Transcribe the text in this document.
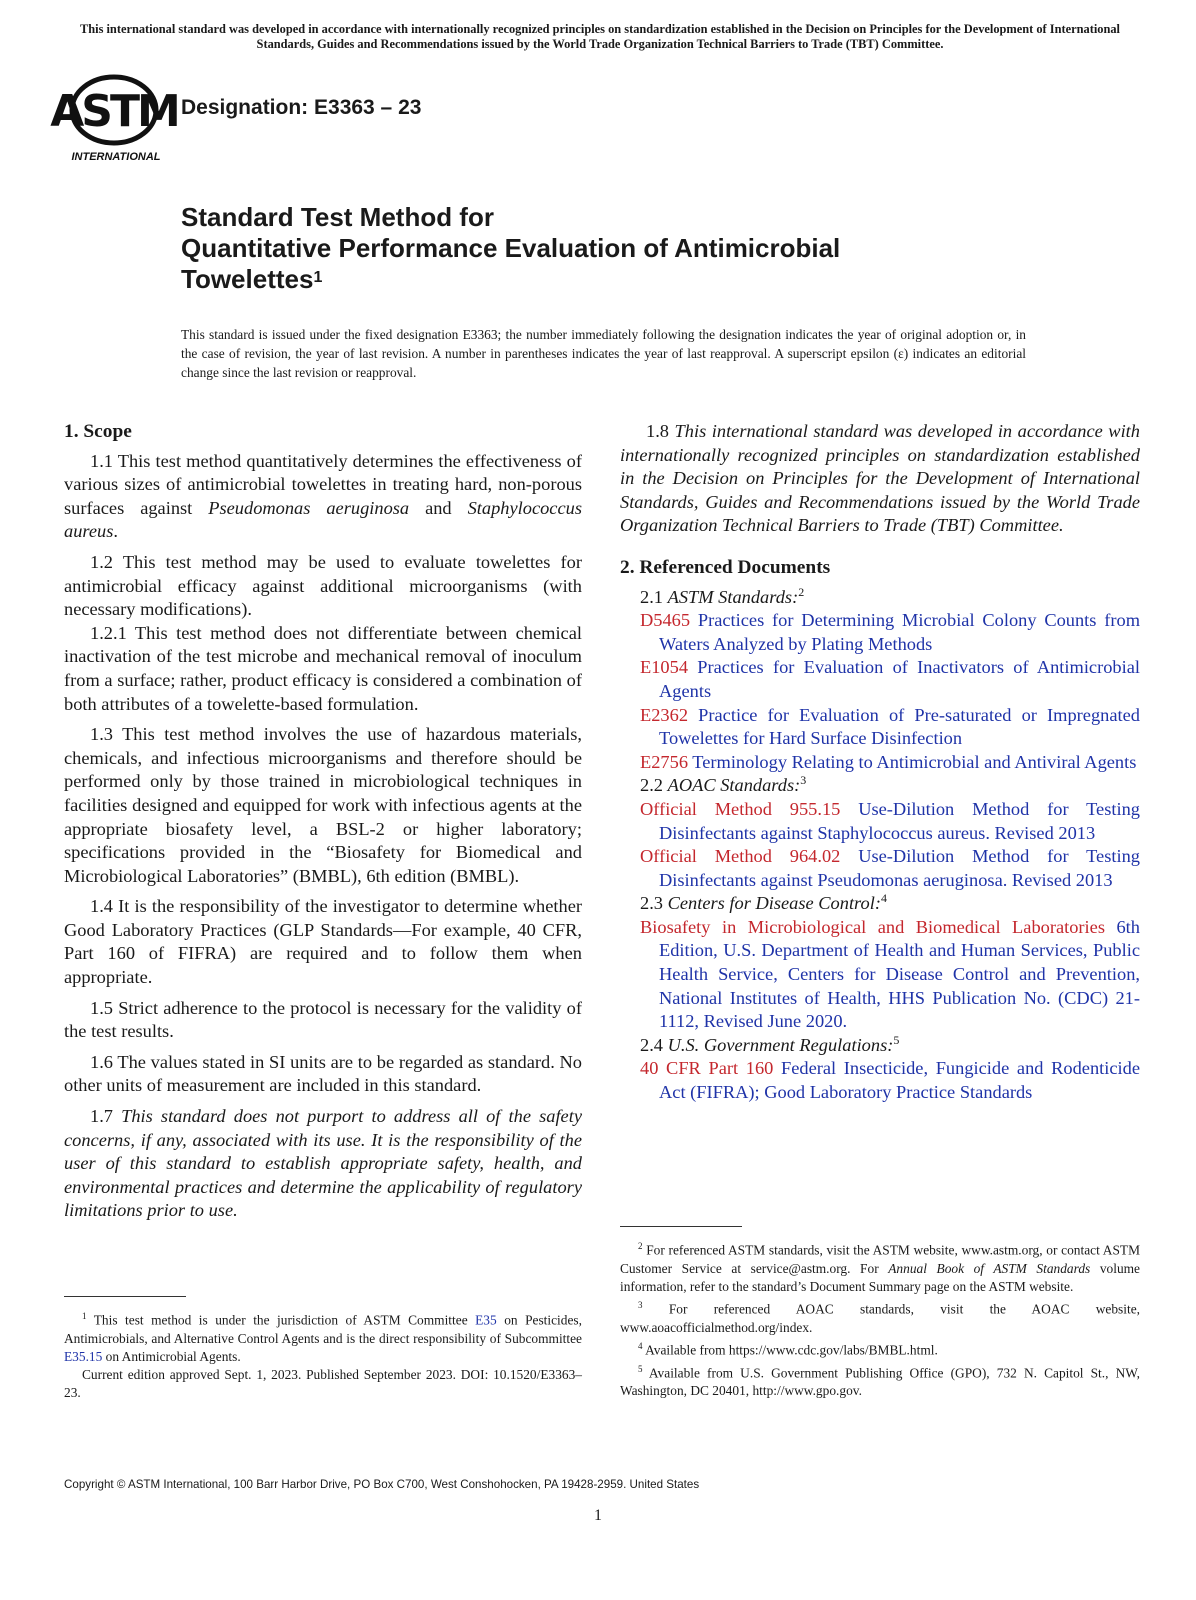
This international standard was developed in accordance with internationally recognized principles on standardization established in the Decision on Principles for the Development of International Standards, Guides and Recommendations issued by the World Trade Organization Technical Barriers to Trade (TBT) Committee.
ASTM
INTERNATIONAL
Designation: E3363 – 23
Standard Test Method for
Quantitative Performance Evaluation of Antimicrobial
Towelettes$^1$
This standard is issued under the fixed designation E3363; the number immediately following the designation indicates the year of original adoption or, in the case of revision, the year of last revision. A number in parentheses indicates the year of last reapproval. A superscript epsilon (ε) indicates an editorial change since the last revision or reapproval.
1. Scope

1.1 This test method quantitatively determines the effectiveness of various sizes of antimicrobial towelettes in treating hard, non-porous surfaces against Pseudomonas aeruginosa and Staphylococcus aureus.

1.2 This test method may be used to evaluate towelettes for antimicrobial efficacy against additional microorganisms (with necessary modifications).

1.2.1 This test method does not differentiate between chemical inactivation of the test microbe and mechanical removal of inoculum from a surface; rather, product efficacy is considered a combination of both attributes of a towelette-based formulation.

1.3 This test method involves the use of hazardous materials, chemicals, and infectious microorganisms and therefore should be performed only by those trained in microbiological techniques in facilities designed and equipped for work with infectious agents at the appropriate biosafety level, a BSL-2 or higher laboratory; specifications provided in the “Biosafety for Biomedical and Microbiological Laboratories” (BMBL), 6th edition (BMBL).

1.4 It is the responsibility of the investigator to determine whether Good Laboratory Practices (GLP Standards—For example, 40 CFR, Part 160 of FIFRA) are required and to follow them when appropriate.

1.5 Strict adherence to the protocol is necessary for the validity of the test results.

1.6 The values stated in SI units are to be regarded as standard. No other units of measurement are included in this standard.

1.7 This standard does not purport to address all of the safety concerns, if any, associated with its use. It is the responsibility of the user of this standard to establish appropriate safety, health, and environmental practices and determine the applicability of regulatory limitations prior to use.

$^1$ This test method is under the jurisdiction of ASTM Committee E35 on Pesticides, Antimicrobials, and Alternative Control Agents and is the direct responsibility of Subcommittee E35.15 on Antimicrobial Agents.

Current edition approved Sept. 1, 2023. Published September 2023. DOI: 10.1520/E3363–23.

1.8 This international standard was developed in accordance with internationally recognized principles on standardization established in the Decision on Principles for the Development of International Standards, Guides and Recommendations issued by the World Trade Organization Technical Barriers to Trade (TBT) Committee.

2. Referenced Documents
2.1 ASTM Standards:$^2$
D5465 Practices for Determining Microbial Colony Counts from Waters Analyzed by Plating Methods
E1054 Practices for Evaluation of Inactivators of Antimicrobial Agents
E2362 Practice for Evaluation of Pre-saturated or Impregnated Towelettes for Hard Surface Disinfection
E2756 Terminology Relating to Antimicrobial and Antiviral Agents
2.2 AOAC Standards:$^3$
Official Method 955.15 Use-Dilution Method for Testing Disinfectants against Staphylococcus aureus. Revised 2013
Official Method 964.02 Use-Dilution Method for Testing Disinfectants against Pseudomonas aeruginosa. Revised 2013
2.3 Centers for Disease Control:$^4$
Biosafety in Microbiological and Biomedical Laboratories 6th Edition, U.S. Department of Health and Human Services, Public Health Service, Centers for Disease Control and Prevention, National Institutes of Health, HHS Publication No. (CDC) 21- 1112, Revised June 2020.
2.4 U.S. Government Regulations:$^5$
40 CFR Part 160 Federal Insecticide, Fungicide and Rodenticide Act (FIFRA); Good Laboratory Practice Standards

$^2$ For referenced ASTM standards, visit the ASTM website, www.astm.org, or contact ASTM Customer Service at service@astm.org. For Annual Book of ASTM Standards volume information, refer to the standard’s Document Summary page on the ASTM website.

$^3$ For referenced AOAC standards, visit the AOAC website, www.aoacofficialmethod.org/index.

$^4$ Available from https://www.cdc.gov/labs/BMBL.html.

$^5$ Available from U.S. Government Publishing Office (GPO), 732 N. Capitol St., NW, Washington, DC 20401, http://www.gpo.gov.

Copyright © ASTM International, 100 Barr Harbor Drive, PO Box C700, West Conshohocken, PA 19428-2959. United States
1
